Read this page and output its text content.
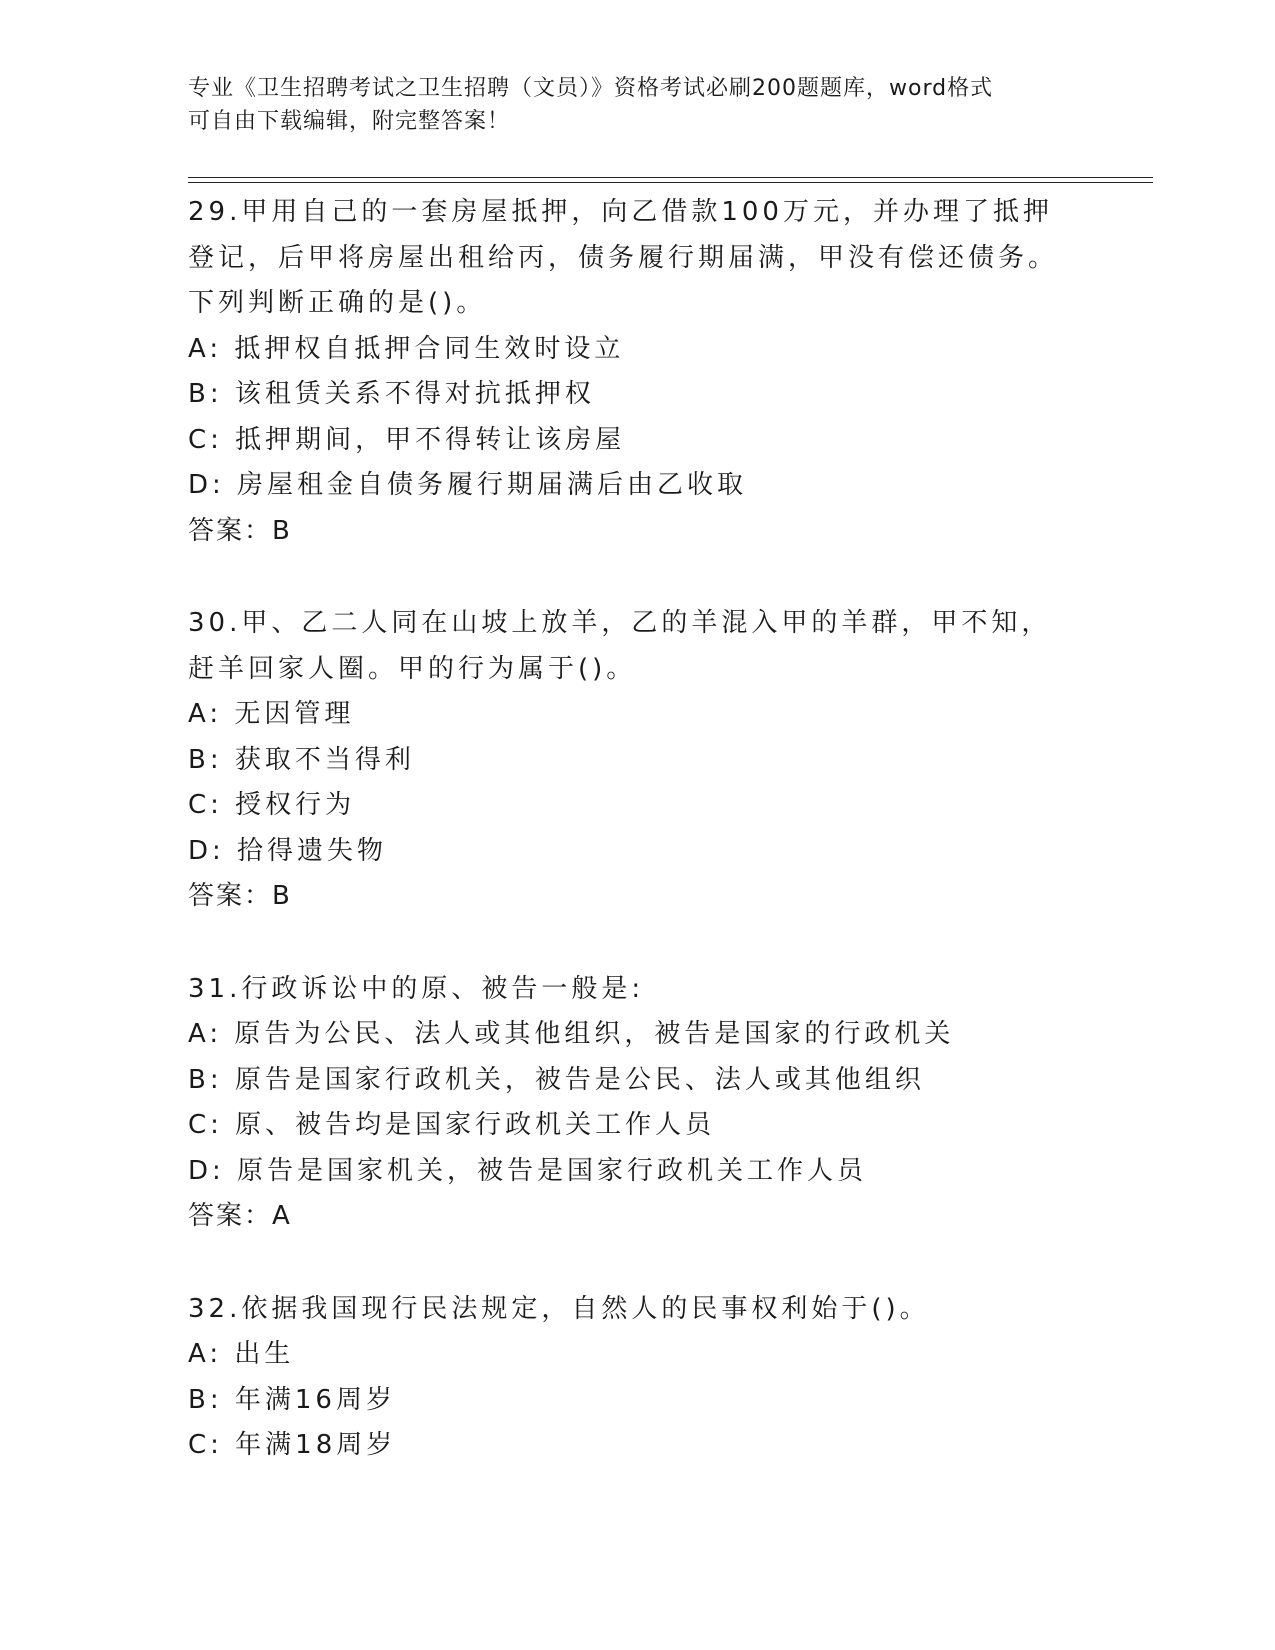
专业《卫生招聘考试之卫生招聘（文员）》资格考试必刷200题题库，word格式
可自由下载编辑，附完整答案！
29.甲用自己的一套房屋抵押，向乙借款100万元，并办理了抵押登记，后甲将房屋出租给丙，债务履行期届满，甲没有偿还债务。下列判断正确的是()。
A: 抵押权自抵押合同生效时设立
B: 该租赁关系不得对抗抵押权
C: 抵押期间，甲不得转让该房屋
D: 房屋租金自债务履行期届满后由乙收取
答案：B
30.甲、乙二人同在山坡上放羊，乙的羊混入甲的羊群，甲不知，赶羊回家人圈。甲的行为属于()。
A: 无因管理
B: 获取不当得利
C: 授权行为
D: 拾得遗失物
答案：B
31.行政诉讼中的原、被告一般是:
A: 原告为公民、法人或其他组织，被告是国家的行政机关
B: 原告是国家行政机关，被告是公民、法人或其他组织
C: 原、被告均是国家行政机关工作人员
D: 原告是国家机关，被告是国家行政机关工作人员
答案：A
32.依据我国现行民法规定，自然人的民事权利始于()。
A: 出生
B: 年满16周岁
C: 年满18周岁
